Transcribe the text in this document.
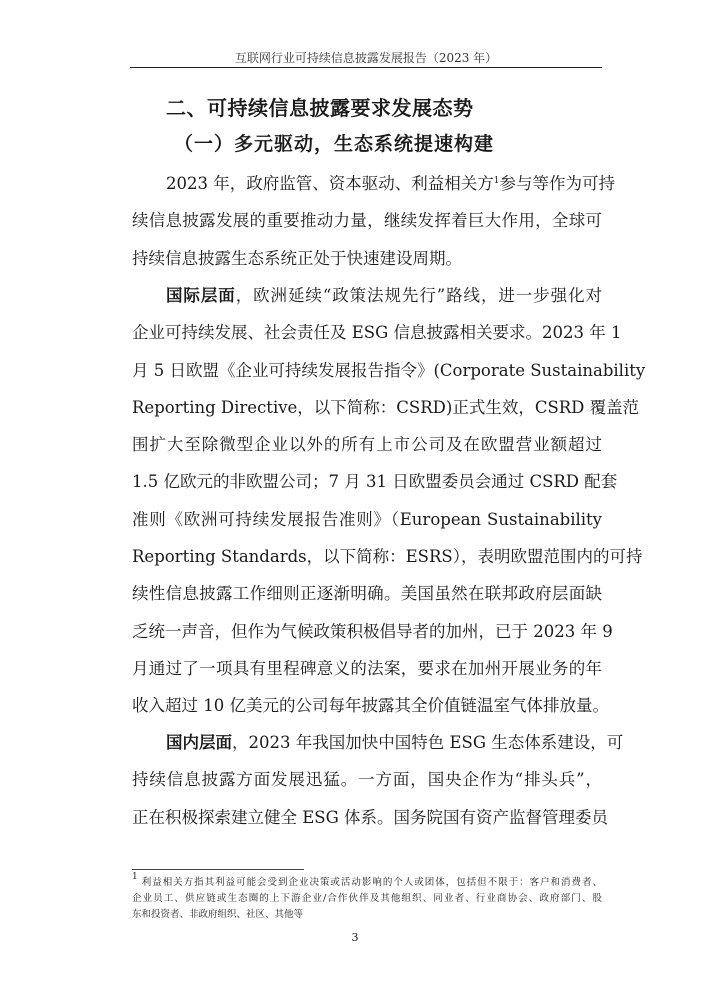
互联网行业可持续信息披露发展报告（2023 年）
二、可持续信息披露要求发展态势
（一）多元驱动，生态系统提速构建
2023 年，政府监管、资本驱动、利益相关方$^1$参与等作为可持
续信息披露发展的重要推动力量，继续发挥着巨大作用，全球可
持续信息披露生态系统正处于快速建设周期。
国际层面，欧洲延续“政策法规先行”路线，进一步强化对
企业可持续发展、社会责任及 ESG 信息披露相关要求。2023 年 1
月 5 日欧盟《企业可持续发展报告指令》(Corporate Sustainability
Reporting Directive，以下简称：CSRD)正式生效，CSRD 覆盖范
围扩大至除微型企业以外的所有上市公司及在欧盟营业额超过
1.5 亿欧元的非欧盟公司；7 月 31 日欧盟委员会通过 CSRD 配套
准则《欧洲可持续发展报告准则》（European Sustainability
Reporting Standards，以下简称：ESRS），表明欧盟范围内的可持
续性信息披露工作细则正逐渐明确。美国虽然在联邦政府层面缺
乏统一声音，但作为气候政策积极倡导者的加州，已于 2023 年 9
月通过了一项具有里程碑意义的法案，要求在加州开展业务的年
收入超过 10 亿美元的公司每年披露其全价值链温室气体排放量。
国内层面，2023 年我国加快中国特色 ESG 生态体系建设，可
持续信息披露方面发展迅猛。一方面，国央企作为“排头兵”，
正在积极探索建立健全 ESG 体系。国务院国有资产监督管理委员
$^1$ 利益相关方指其利益可能会受到企业决策或活动影响的个人或团体，包括但不限于：客户和消费者、
企业员工、供应链或生态圈的上下游企业/合作伙伴及其他组织、同业者、行业商协会、政府部门、股
东和投资者、非政府组织、社区、其他等
3
